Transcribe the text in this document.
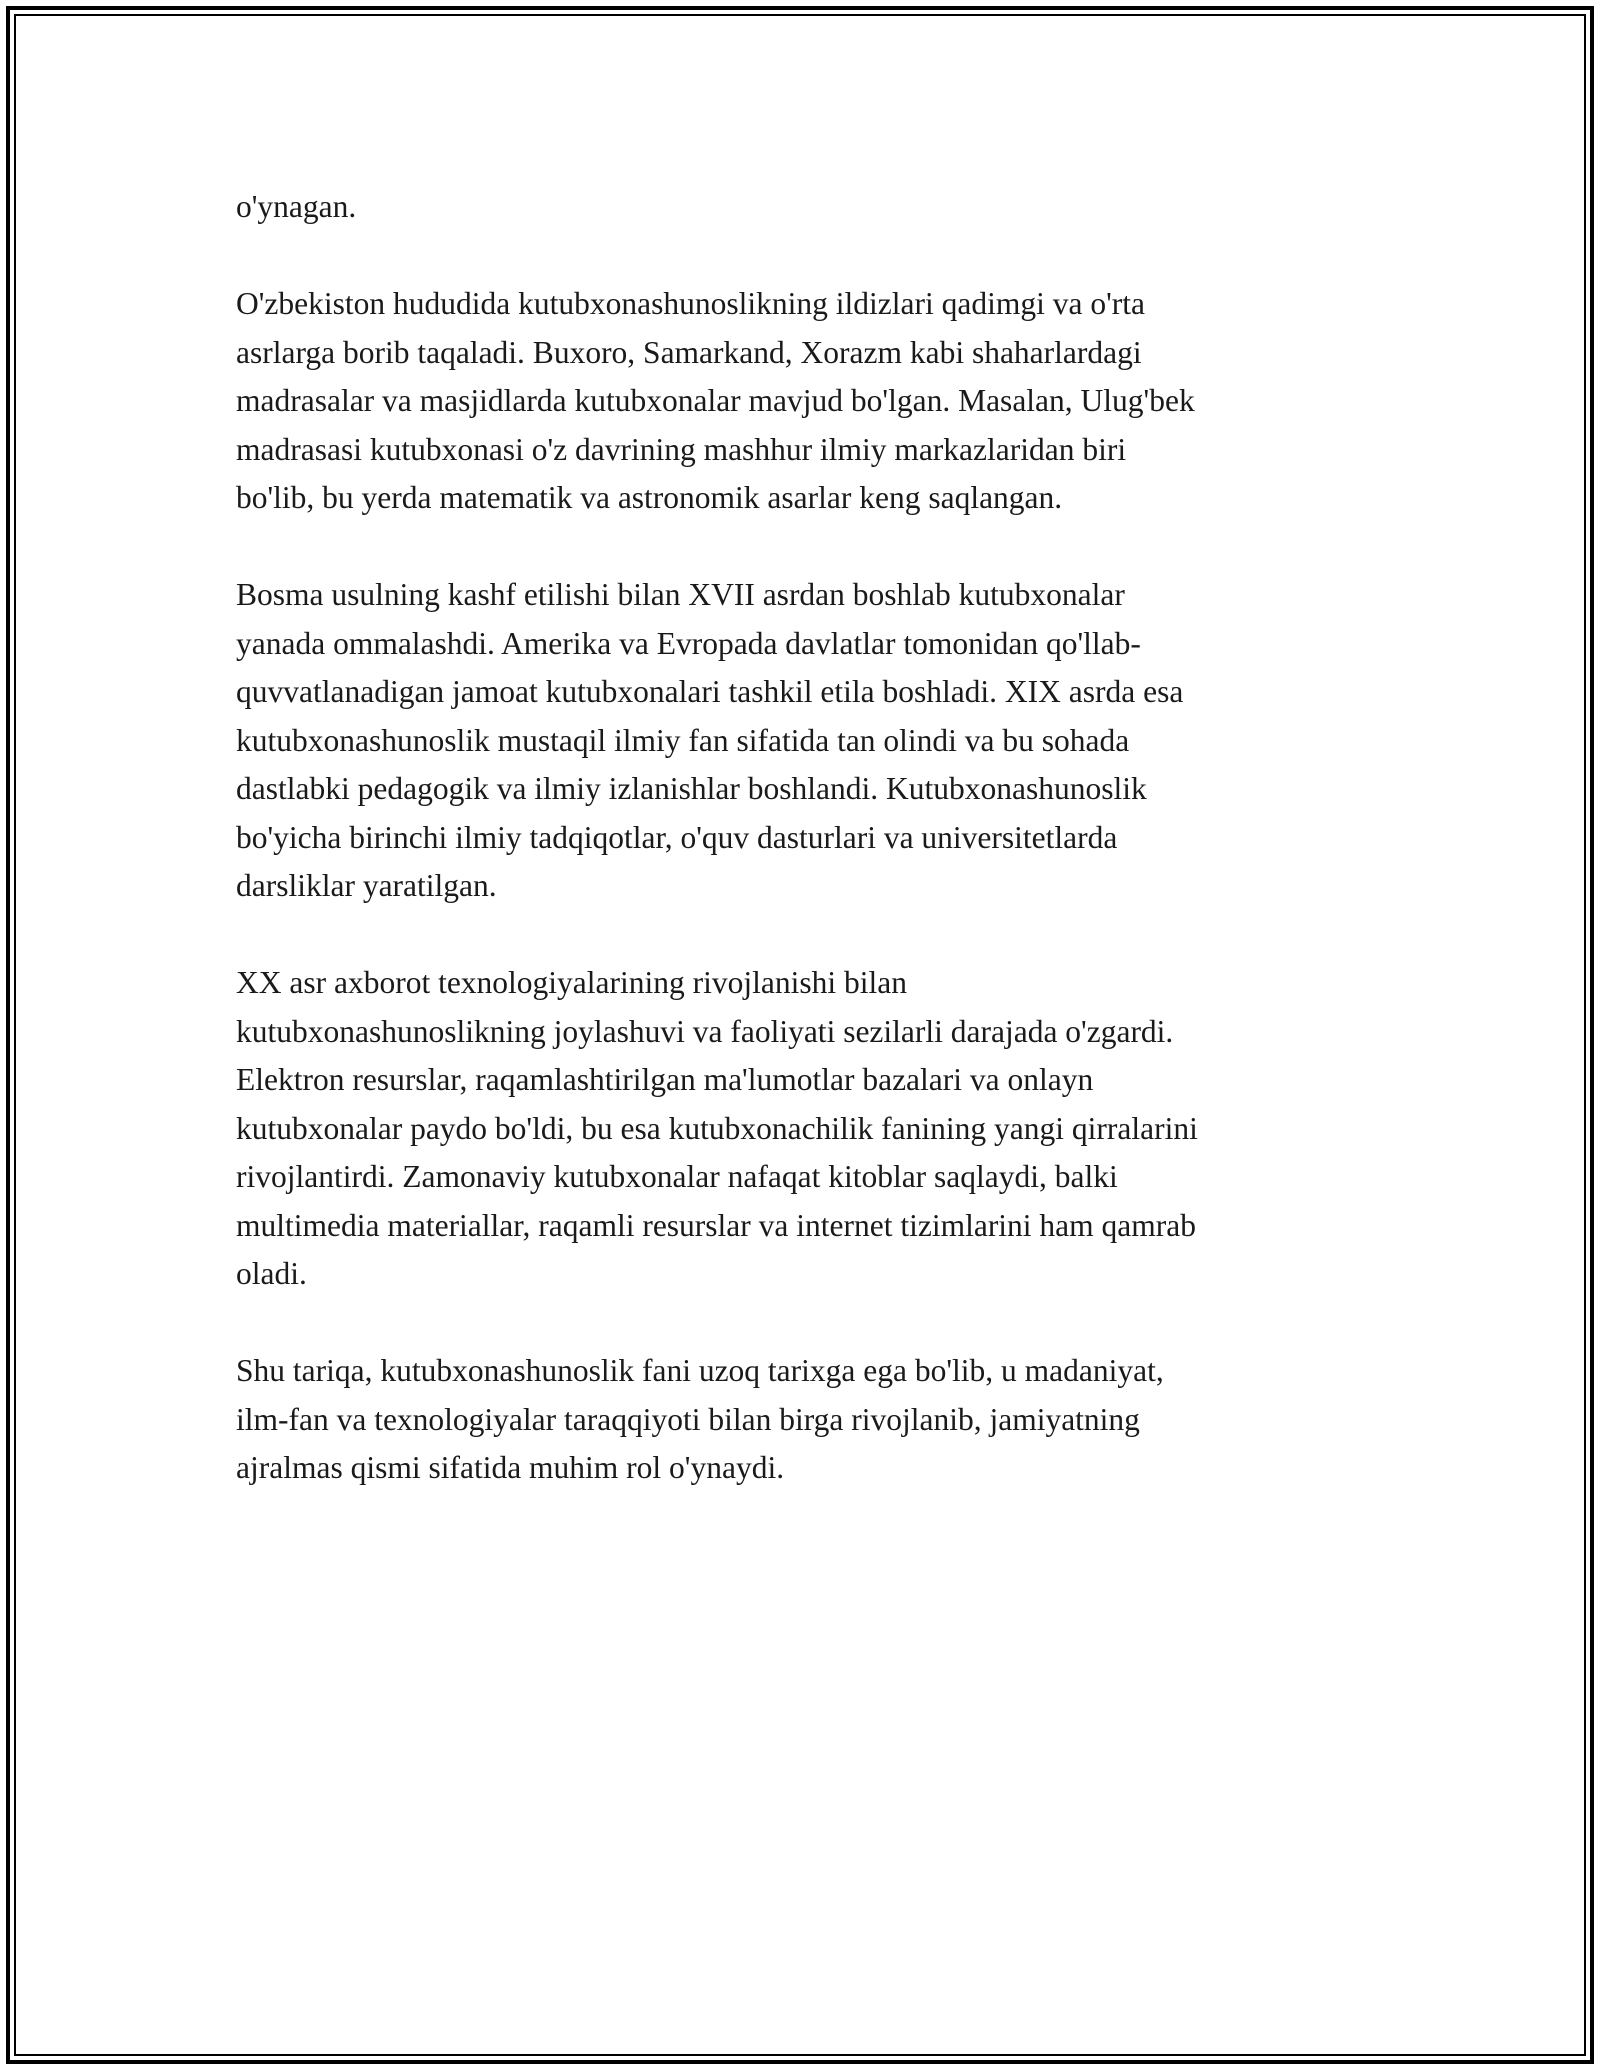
o'ynagan.

O'zbekiston hududida kutubxonashunoslikning ildizlari qadimgi va o'rta
asrlarga borib taqaladi. Buxoro, Samarkand, Xorazm kabi shaharlardagi
madrasalar va masjidlarda kutubxonalar mavjud bo'lgan. Masalan, Ulug'bek
madrasasi kutubxonasi o'z davrining mashhur ilmiy markazlaridan biri
bo'lib, bu yerda matematik va astronomik asarlar keng saqlangan.

Bosma usulning kashf etilishi bilan XVII asrdan boshlab kutubxonalar
yanada ommalashdi. Amerika va Evropada davlatlar tomonidan qo'llab-
quvvatlanadigan jamoat kutubxonalari tashkil etila boshladi. XIX asrda esa
kutubxonashunoslik mustaqil ilmiy fan sifatida tan olindi va bu sohada
dastlabki pedagogik va ilmiy izlanishlar boshlandi. Kutubxonashunoslik
bo'yicha birinchi ilmiy tadqiqotlar, o'quv dasturlari va universitetlarda
darsliklar yaratilgan.

XX asr axborot texnologiyalarining rivojlanishi bilan
kutubxonashunoslikning joylashuvi va faoliyati sezilarli darajada o'zgardi.
Elektron resurslar, raqamlashtirilgan ma'lumotlar bazalari va onlayn
kutubxonalar paydo bo'ldi, bu esa kutubxonachilik fanining yangi qirralarini
rivojlantirdi. Zamonaviy kutubxonalar nafaqat kitoblar saqlaydi, balki
multimedia materiallar, raqamli resurslar va internet tizimlarini ham qamrab
oladi.

Shu tariqa, kutubxonashunoslik fani uzoq tarixga ega bo'lib, u madaniyat,
ilm-fan va texnologiyalar taraqqiyoti bilan birga rivojlanib, jamiyatning
ajralmas qismi sifatida muhim rol o'ynaydi.
